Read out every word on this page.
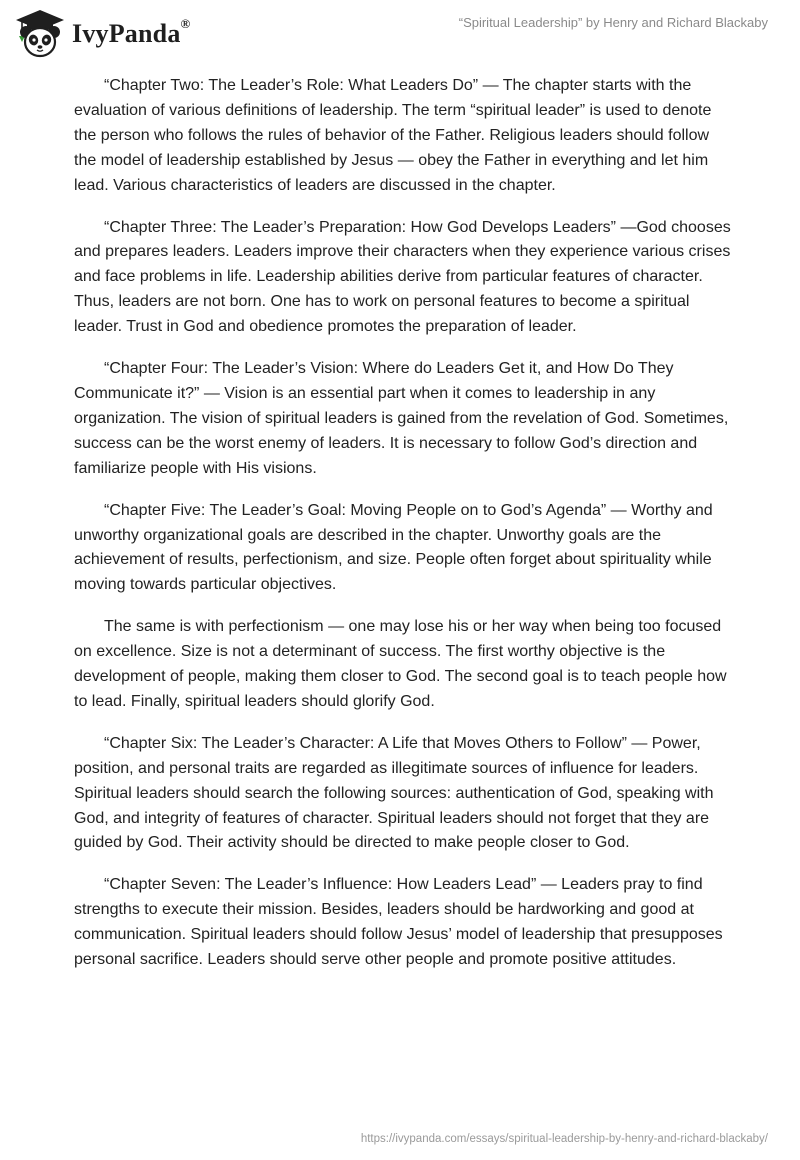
IvyPanda®	“Spiritual Leadership” by Henry and Richard Blackaby

“Chapter Two: The Leader’s Role: What Leaders Do” — The chapter starts with the evaluation of various definitions of leadership. The term “spiritual leader” is used to denote the person who follows the rules of behavior of the Father. Religious leaders should follow the model of leadership established by Jesus — obey the Father in everything and let him lead. Various characteristics of leaders are discussed in the chapter.

“Chapter Three: The Leader’s Preparation: How God Develops Leaders” —God chooses and prepares leaders. Leaders improve their characters when they experience various crises and face problems in life. Leadership abilities derive from particular features of character. Thus, leaders are not born. One has to work on personal features to become a spiritual leader. Trust in God and obedience promotes the preparation of leader.

“Chapter Four: The Leader’s Vision: Where do Leaders Get it, and How Do They Communicate it?” — Vision is an essential part when it comes to leadership in any organization. The vision of spiritual leaders is gained from the revelation of God. Sometimes, success can be the worst enemy of leaders. It is necessary to follow God’s direction and familiarize people with His visions.

“Chapter Five: The Leader’s Goal: Moving People on to God’s Agenda” — Worthy and unworthy organizational goals are described in the chapter. Unworthy goals are the achievement of results, perfectionism, and size. People often forget about spirituality while moving towards particular objectives.

The same is with perfectionism — one may lose his or her way when being too focused on excellence. Size is not a determinant of success. The first worthy objective is the development of people, making them closer to God. The second goal is to teach people how to lead. Finally, spiritual leaders should glorify God.

“Chapter Six: The Leader’s Character: A Life that Moves Others to Follow” — Power, position, and personal traits are regarded as illegitimate sources of influence for leaders. Spiritual leaders should search the following sources: authentication of God, speaking with God, and integrity of features of character. Spiritual leaders should not forget that they are guided by God. Their activity should be directed to make people closer to God.

“Chapter Seven: The Leader’s Influence: How Leaders Lead” — Leaders pray to find strengths to execute their mission. Besides, leaders should be hardworking and good at communication. Spiritual leaders should follow Jesus’ model of leadership that presupposes personal sacrifice. Leaders should serve other people and promote positive attitudes.

https://ivypanda.com/essays/spiritual-leadership-by-henry-and-richard-blackaby/
